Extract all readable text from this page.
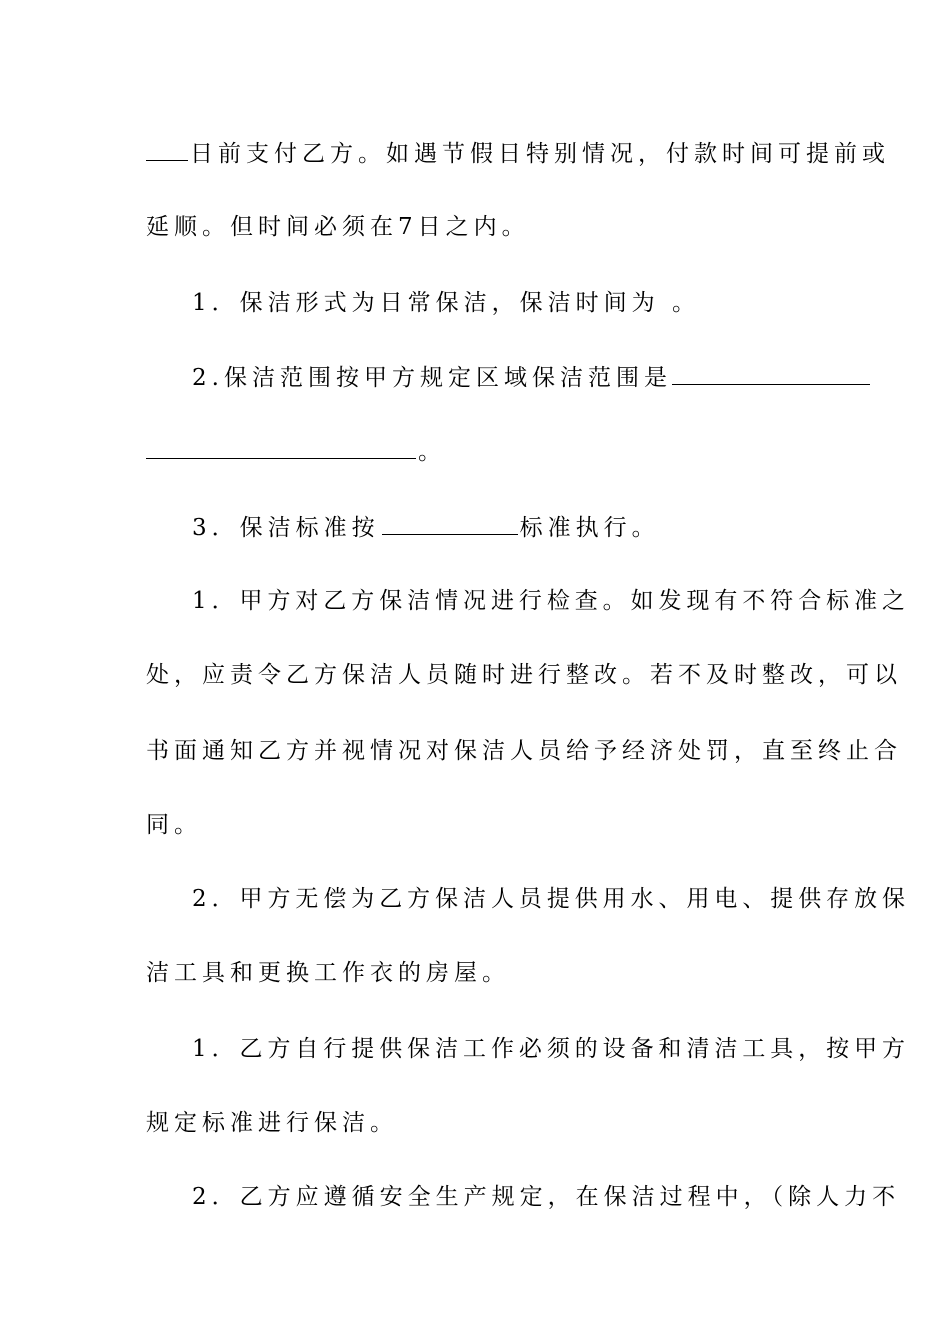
日前支付乙方。如遇节假日特别情况，付款时间可提前或
延顺。但时间必须在7日之内。
1．保洁形式为日常保洁，保洁时间为 。
2.保洁范围按甲方规定区域保洁范围是
。
3．保洁标准按	标准执行。
1．甲方对乙方保洁情况进行检查。如发现有不符合标准之
处，应责令乙方保洁人员随时进行整改。若不及时整改，可以
书面通知乙方并视情况对保洁人员给予经济处罚，直至终止合
同。
2．甲方无偿为乙方保洁人员提供用水、用电、提供存放保
洁工具和更换工作衣的房屋。
1．乙方自行提供保洁工作必须的设备和清洁工具，按甲方
规定标准进行保洁。
2．乙方应遵循安全生产规定，在保洁过程中，（除人力不
